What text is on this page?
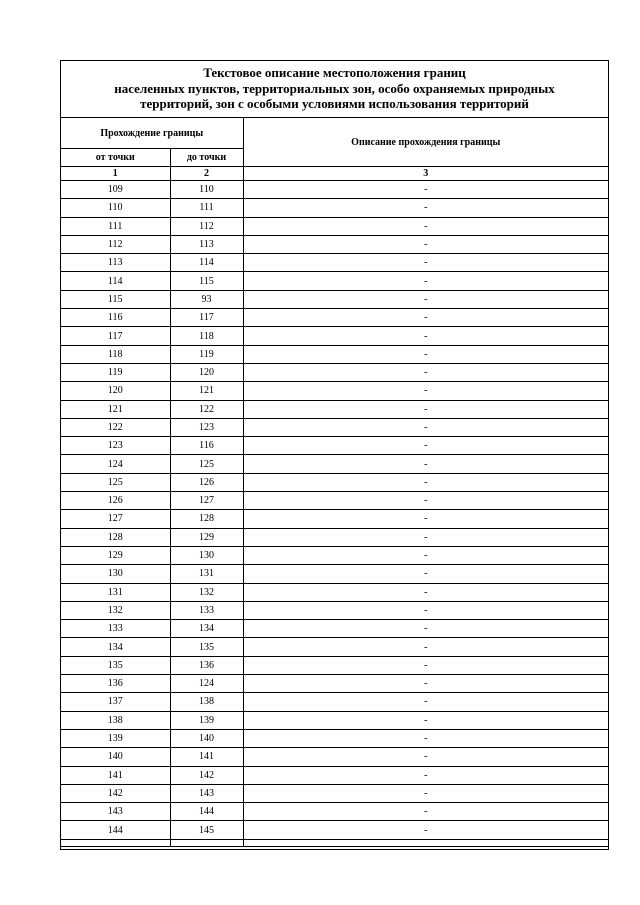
Текстовое описание местоположения границ
населенных пунктов, территориальных зон, особо охраняемых природных
территорий, зон с особыми условиями использования территорий
Прохождение границы		Описание прохождения границы
от точки	до точки	
1	2	3
109	110	-
110	111	-
111	112	-
112	113	-
113	114	-
114	115	-
115	93	-
116	117	-
117	118	-
118	119	-
119	120	-
120	121	-
121	122	-
122	123	-
123	116	-
124	125	-
125	126	-
126	127	-
127	128	-
128	129	-
129	130	-
130	131	-
131	132	-
132	133	-
133	134	-
134	135	-
135	136	-
136	124	-
137	138	-
138	139	-
139	140	-
140	141	-
141	142	-
142	143	-
143	144	-
144	145	-
